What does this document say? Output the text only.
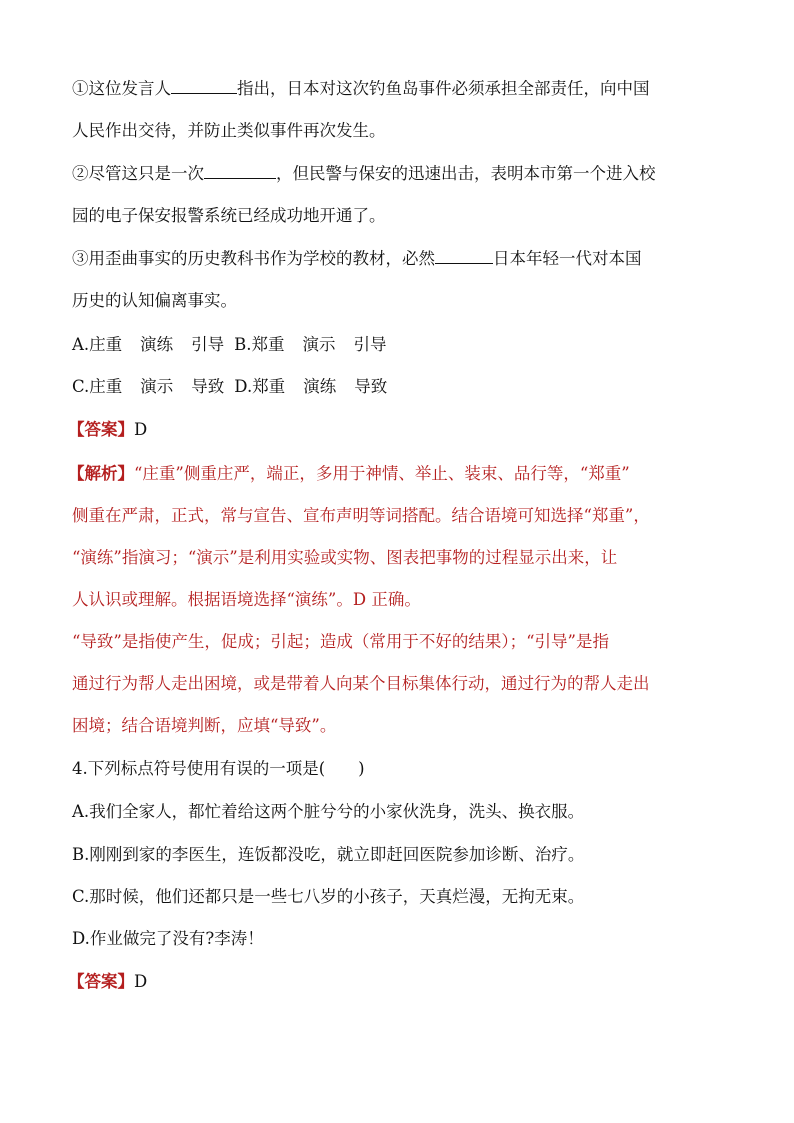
①这位发言人	指出，日本对这次钓鱼岛事件必须承担全部责任，向中国
人民作出交待，并防止类似事件再次发生。
②尽管这只是一次	，但民警与保安的迅速出击，表明本市第一个进入校
园的电子保安报警系统已经成功地开通了。
③用歪曲事实的历史教科书作为学校的教材，必然	日本年轻一代对本国
历史的认知偏离事实。
A.庄重 演练 引导 B.郑重 演示 引导
C.庄重 演示 导致 D.郑重 演练 导致
【答案】D
【解析】“庄重”侧重庄严，端正，多用于神情、举止、装束、品行等，“郑重”
侧重在严肃，正式，常与宣告、宣布声明等词搭配。结合语境可知选择“郑重”，
“演练”指演习；“演示”是利用实验或实物、图表把事物的过程显示出来，让
人认识或理解。根据语境选择“演练”。D 正确。
“导致”是指使产生，促成；引起；造成（常用于不好的结果）；“引导”是指
通过行为帮人走出困境，或是带着人向某个目标集体行动，通过行为的帮人走出
困境；结合语境判断，应填“导致”。
4.下列标点符号使用有误的一项是(　　)
A.我们全家人，都忙着给这两个脏兮兮的小家伙洗身，洗头、换衣服。
B.刚刚到家的李医生，连饭都没吃，就立即赶回医院参加诊断、治疗。
C.那时候，他们还都只是一些七八岁的小孩子，天真烂漫，无拘无束。
D.作业做完了没有?李涛！
【答案】D
